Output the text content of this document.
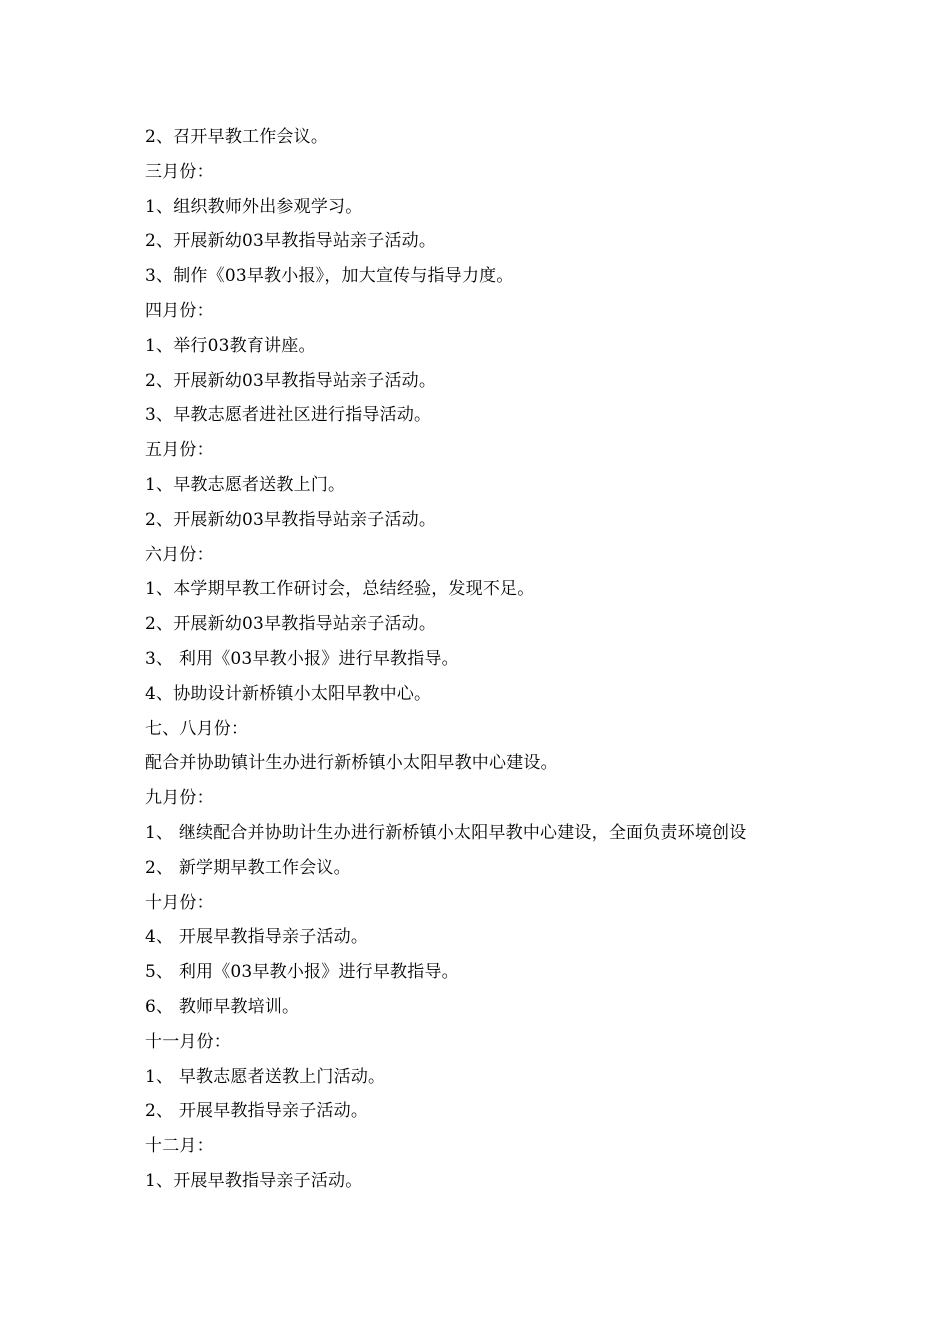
2、召开早教工作会议。
三月份：
1、组织教师外出参观学习。
2、开展新幼03早教指导站亲子活动。
3、制作《03早教小报》，加大宣传与指导力度。
四月份：
1、举行03教育讲座。
2、开展新幼03早教指导站亲子活动。
3、早教志愿者进社区进行指导活动。
五月份：
1、早教志愿者送教上门。
2、开展新幼03早教指导站亲子活动。
六月份：
1、本学期早教工作研讨会，总结经验，发现不足。
2、开展新幼03早教指导站亲子活动。
3、 利用《03早教小报》进行早教指导。
4、协助设计新桥镇小太阳早教中心。
七、八月份：
配合并协助镇计生办进行新桥镇小太阳早教中心建设。
九月份：
1、 继续配合并协助计生办进行新桥镇小太阳早教中心建设，全面负责环境创设
2、 新学期早教工作会议。
十月份：
4、 开展早教指导亲子活动。
5、 利用《03早教小报》进行早教指导。
6、 教师早教培训。
十一月份：
1、 早教志愿者送教上门活动。
2、 开展早教指导亲子活动。
十二月：
1、开展早教指导亲子活动。
